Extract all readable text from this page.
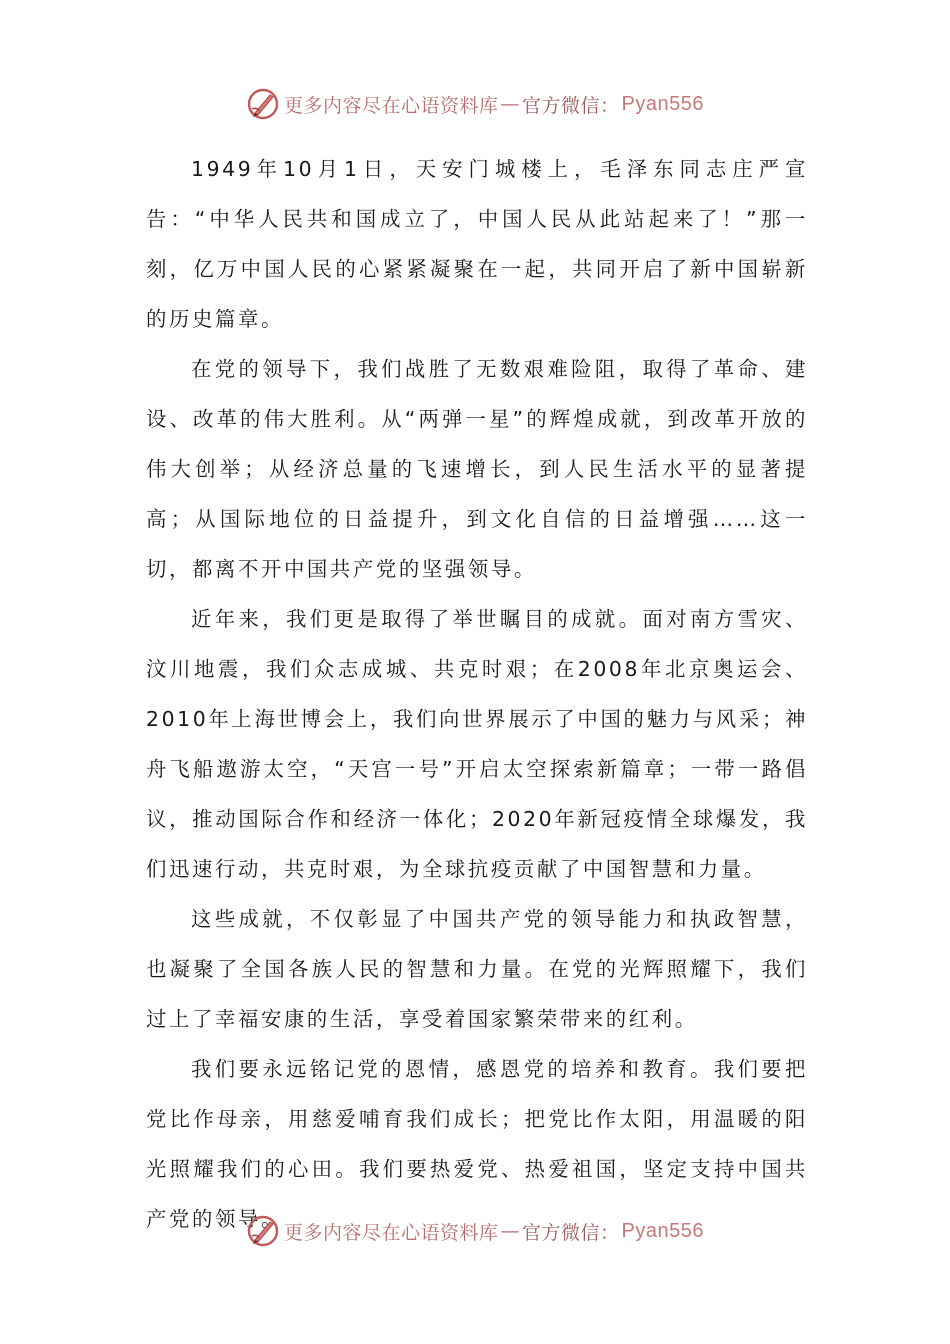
更多内容尽在心语资料库 — 官方微信： Pyan556

1949年10月1日，天安门城楼上，毛泽东同志庄严宣告：“中华人民共和国成立了，中国人民从此站起来了！”那一刻，亿万中国人民的心紧紧凝聚在一起，共同开启了新中国崭新的历史篇章。

在党的领导下，我们战胜了无数艰难险阻，取得了革命、建设、改革的伟大胜利。从“两弹一星”的辉煌成就，到改革开放的伟大创举；从经济总量的飞速增长，到人民生活水平的显著提高；从国际地位的日益提升，到文化自信的日益增强……这一切，都离不开中国共产党的坚强领导。

近年来，我们更是取得了举世瞩目的成就。面对南方雪灾、汶川地震，我们众志成城、共克时艰；在2008年北京奥运会、2010年上海世博会上，我们向世界展示了中国的魅力与风采；神舟飞船遨游太空，“天宫一号”开启太空探索新篇章；一带一路倡议，推动国际合作和经济一体化；2020年新冠疫情全球爆发，我们迅速行动，共克时艰，为全球抗疫贡献了中国智慧和力量。

这些成就，不仅彰显了中国共产党的领导能力和执政智慧，也凝聚了全国各族人民的智慧和力量。在党的光辉照耀下，我们过上了幸福安康的生活，享受着国家繁荣带来的红利。

我们要永远铭记党的恩情，感恩党的培养和教育。我们要把党比作母亲，用慈爱哺育我们成长；把党比作太阳，用温暖的阳光照耀我们的心田。我们要热爱党、热爱祖国，坚定支持中国共产党的领导。

更多内容尽在心语资料库 — 官方微信： Pyan556
